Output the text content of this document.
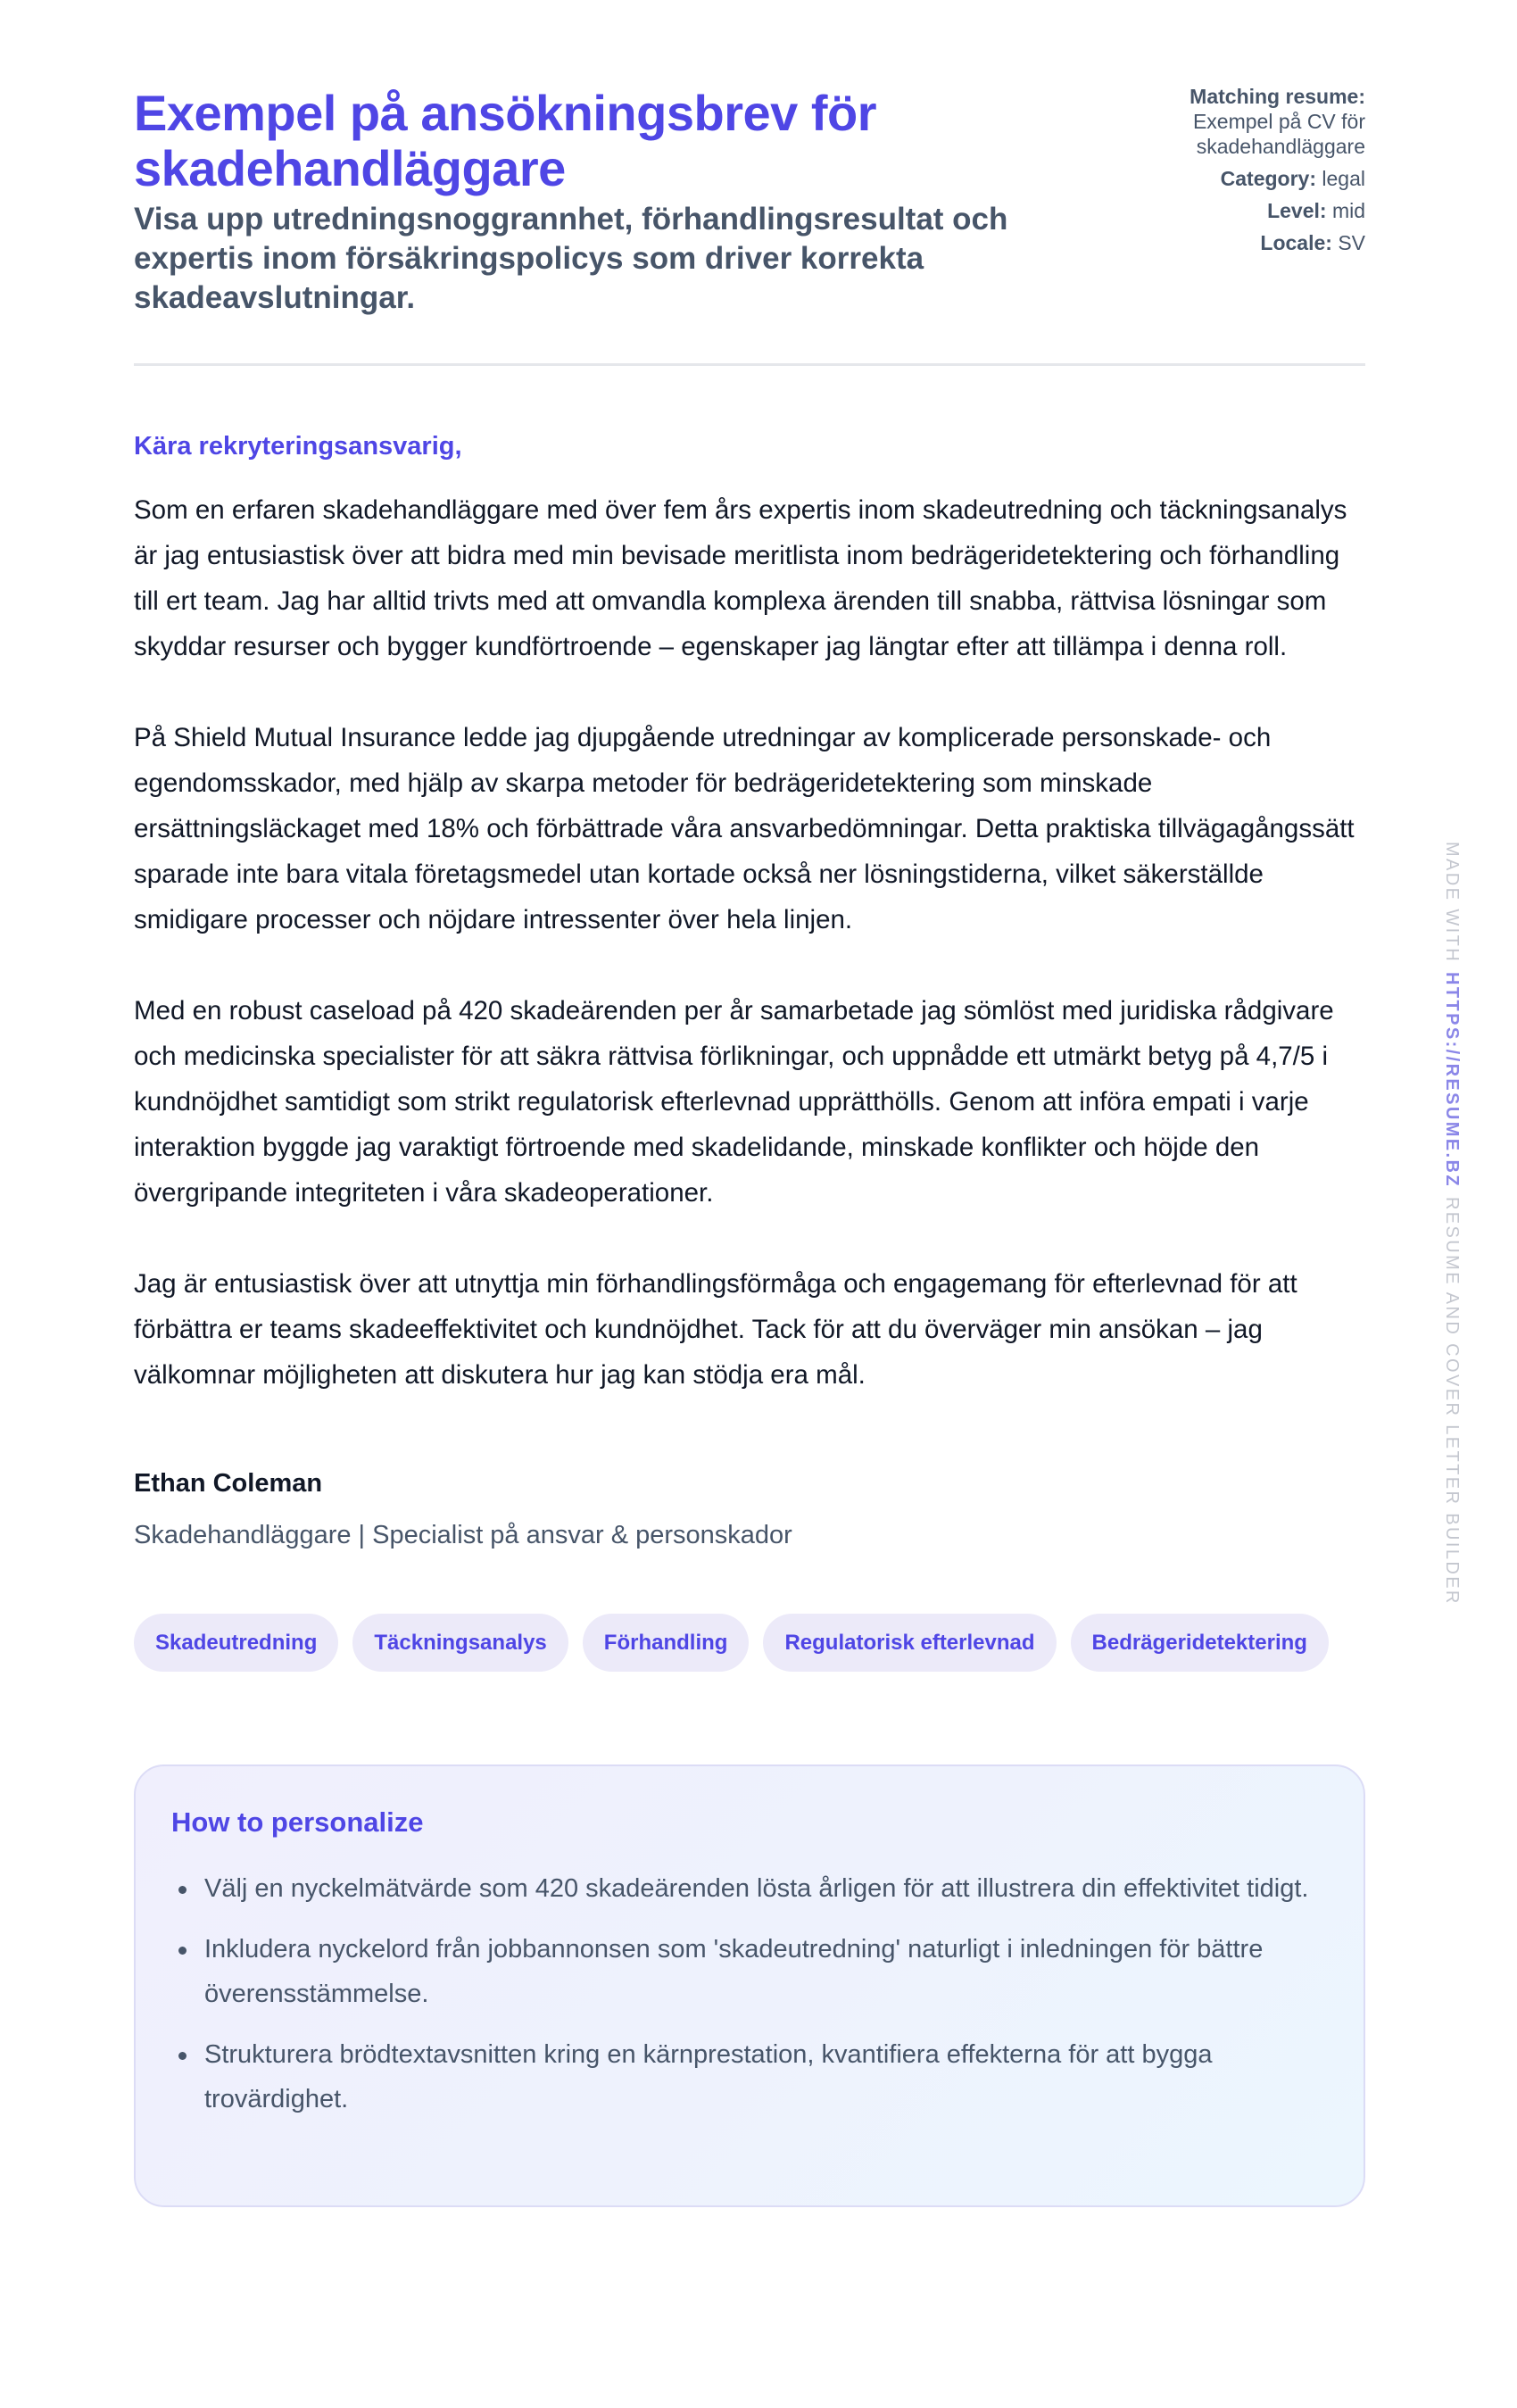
Exempel på ansökningsbrev för skadehandläggare
Visa upp utredningsnoggrannhet, förhandlingsresultat och expertis inom försäkringspolicys som driver korrekta skadeavslutningar.
Matching resume:
Exempel på CV för skadehandläggare
Category: legal
Level: mid
Locale: SV

Kära rekryteringsansvarig,

Som en erfaren skadehandläggare med över fem års expertis inom skadeutredning och täckningsanalys är jag entusiastisk över att bidra med min bevisade meritlista inom bedrägeridetektering och förhandling till ert team. Jag har alltid trivts med att omvandla komplexa ärenden till snabba, rättvisa lösningar som skyddar resurser och bygger kundförtroende – egenskaper jag längtar efter att tillämpa i denna roll.

På Shield Mutual Insurance ledde jag djupgående utredningar av komplicerade personskade- och egendomsskador, med hjälp av skarpa metoder för bedrägeridetektering som minskade ersättningsläckaget med 18% och förbättrade våra ansvarbedömningar. Detta praktiska tillvägagångssätt sparade inte bara vitala företagsmedel utan kortade också ner lösningstiderna, vilket säkerställde smidigare processer och nöjdare intressenter över hela linjen.

Med en robust caseload på 420 skadeärenden per år samarbetade jag sömlöst med juridiska rådgivare och medicinska specialister för att säkra rättvisa förlikningar, och uppnådde ett utmärkt betyg på 4,7/5 i kundnöjdhet samtidigt som strikt regulatorisk efterlevnad upprätthölls. Genom att införa empati i varje interaktion byggde jag varaktigt förtroende med skadelidande, minskade konflikter och höjde den övergripande integriteten i våra skadeoperationer.

Jag är entusiastisk över att utnyttja min förhandlingsförmåga och engagemang för efterlevnad för att förbättra er teams skadeeffektivitet och kundnöjdhet. Tack för att du överväger min ansökan – jag välkomnar möjligheten att diskutera hur jag kan stödja era mål.

Ethan Coleman

Skadehandläggare | Specialist på ansvar & personskador

Skadeutredning	Täckningsanalys	Förhandling	Regulatorisk efterlevnad	Bedrägeridetektering
How to personalize
Välj en nyckelmätvärde som 420 skadeärenden lösta årligen för att illustrera din effektivitet tidigt.
Inkludera nyckelord från jobbannonsen som 'skadeutredning' naturligt i inledningen för bättre överensstämmelse.
Strukturera brödtextavsnitten kring en kärnprestation, kvantifiera effekterna för att bygga trovärdighet.
MADE WITHHTTPS://RESUME.BZRESUME AND COVER LETTER BUILDER
